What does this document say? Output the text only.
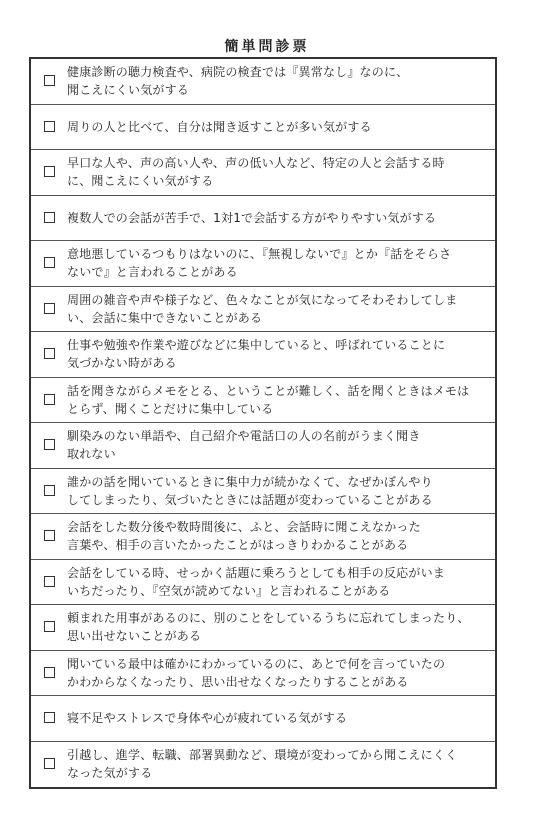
簡単問診票
健康診断の聴力検査や、病院の検査では『異常なし』なのに、
聞こえにくい気がする
周りの人と比べて、自分は聞き返すことが多い気がする
早口な人や、声の高い人や、声の低い人など、特定の人と会話する時
に、聞こえにくい気がする
複数人での会話が苦手で、1対1で会話する方がやりやすい気がする
意地悪しているつもりはないのに、『無視しないで』とか『話をそらさ
ないで』と言われることがある
周囲の雑音や声や様子など、色々なことが気になってそわそわしてしま
い、会話に集中できないことがある
仕事や勉強や作業や遊びなどに集中していると、呼ばれていることに
気づかない時がある
話を聞きながらメモをとる、ということが難しく、話を聞くときはメモは
とらず、聞くことだけに集中している
馴染みのない単語や、自己紹介や電話口の人の名前がうまく聞き
取れない
誰かの話を聞いているときに集中力が続かなくて、なぜかぼんやり
してしまったり、気づいたときには話題が変わっていることがある
会話をした数分後や数時間後に、ふと、会話時に聞こえなかった
言葉や、相手の言いたかったことがはっきりわかることがある
会話をしている時、せっかく話題に乗ろうとしても相手の反応がいま
いちだったり、『空気が読めてない』と言われることがある
頼まれた用事があるのに、別のことをしているうちに忘れてしまったり、
思い出せないことがある
聞いている最中は確かにわかっているのに、あとで何を言っていたの
かわからなくなったり、思い出せなくなったりすることがある
寝不足やストレスで身体や心が疲れている気がする
引越し、進学、転職、部署異動など、環境が変わってから聞こえにくく
なった気がする
